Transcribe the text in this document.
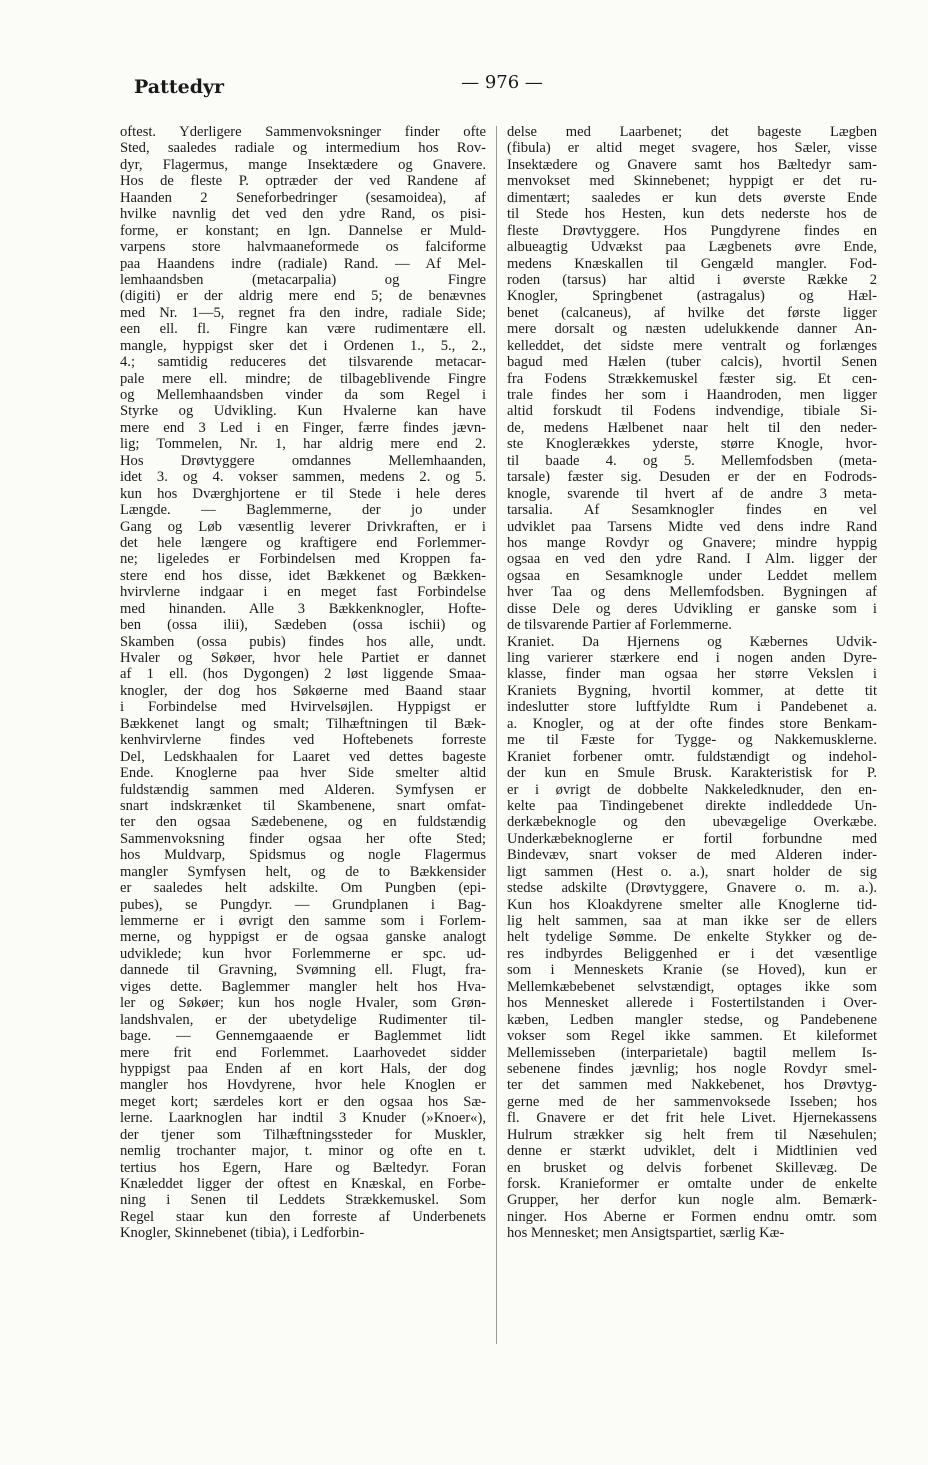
Pattedyr	— 976 —
oftest. Yderligere Sammenvoksninger finder ofte
Sted, saaledes radiale og intermedium hos Rov-
dyr, Flagermus, mange Insektædere og Gnavere.
Hos de fleste P. optræder der ved Randene af
Haanden 2 Seneforbedringer (sesamoidea), af
hvilke navnlig det ved den ydre Rand, os pisi-
forme, er konstant; en lgn. Dannelse er Muld-
varpens store halvmaaneformede os falciforme
paa Haandens indre (radiale) Rand. — Af Mel-
lemhaandsben (metacarpalia) og Fingre
(digiti) er der aldrig mere end 5; de benævnes
med Nr. 1—5, regnet fra den indre, radiale Side;
een ell. fl. Fingre kan være rudimentære ell.
mangle, hyppigst sker det i Ordenen 1., 5., 2.,
4.; samtidig reduceres det tilsvarende metacar-
pale mere ell. mindre; de tilbageblivende Fingre
og Mellemhaandsben vinder da som Regel i
Styrke og Udvikling. Kun Hvalerne kan have
mere end 3 Led i en Finger, færre findes jævn-
lig; Tommelen, Nr. 1, har aldrig mere end 2.
Hos Drøvtyggere omdannes Mellemhaanden,
idet 3. og 4. vokser sammen, medens 2. og 5.
kun hos Dværghjortene er til Stede i hele deres
Længde. — Baglemmerne, der jo under
Gang og Løb væsentlig leverer Drivkraften, er i
det hele længere og kraftigere end Forlemmer-
ne; ligeledes er Forbindelsen med Kroppen fa-
stere end hos disse, idet Bækkenet og Bækken-
hvirvlerne indgaar i en meget fast Forbindelse
med hinanden. Alle 3 Bækkenknogler, Hofte-
ben (ossa ilii), Sædeben (ossa ischii) og
Skamben (ossa pubis) findes hos alle, undt.
Hvaler og Søkøer, hvor hele Partiet er dannet
af 1 ell. (hos Dygongen) 2 løst liggende Smaa-
knogler, der dog hos Søkøerne med Baand staar
i Forbindelse med Hvirvelsøjlen. Hyppigst er
Bækkenet langt og smalt; Tilhæftningen til Bæk-
kenhvirvlerne findes ved Hoftebenets forreste
Del, Ledskhaalen for Laaret ved dettes bageste
Ende. Knoglerne paa hver Side smelter altid
fuldstændig sammen med Alderen. Symfysen er
snart indskrænket til Skambenene, snart omfat-
ter den ogsaa Sædebenene, og en fuldstændig
Sammenvoksning finder ogsaa her ofte Sted;
hos Muldvarp, Spidsmus og nogle Flagermus
mangler Symfysen helt, og de to Bækkensider
er saaledes helt adskilte. Om Pungben (epi-
pubes), se Pungdyr. — Grundplanen i Bag-
lemmerne er i øvrigt den samme som i Forlem-
merne, og hyppigst er de ogsaa ganske analogt
udviklede; kun hvor Forlemmerne er spc. ud-
dannede til Gravning, Svømning ell. Flugt, fra-
viges dette. Baglemmer mangler helt hos Hva-
ler og Søkøer; kun hos nogle Hvaler, som Grøn-
landshvalen, er der ubetydelige Rudimenter til-
bage. — Gennemgaaende er Baglemmet lidt
mere frit end Forlemmet. Laarhovedet sidder
hyppigst paa Enden af en kort Hals, der dog
mangler hos Hovdyrene, hvor hele Knoglen er
meget kort; særdeles kort er den ogsaa hos Sæ-
lerne. Laarknoglen har indtil 3 Knuder (»Knoer«),
der tjener som Tilhæftningssteder for Muskler,
nemlig trochanter major, t. minor og ofte en t.
tertius hos Egern, Hare og Bæltedyr. Foran
Knæleddet ligger der oftest en Knæskal, en Forbe-
ning i Senen til Leddets Strækkemuskel. Som
Regel staar kun den forreste af Underbenets
Knogler, Skinnebenet (tibia), i Ledforbin-
delse med Laarbenet; det bageste Lægben
(fibula) er altid meget svagere, hos Sæler, visse
Insektædere og Gnavere samt hos Bæltedyr sam-
menvokset med Skinnebenet; hyppigt er det ru-
dimentært; saaledes er kun dets øverste Ende
til Stede hos Hesten, kun dets nederste hos de
fleste Drøvtyggere. Hos Pungdyrene findes en
albueagtig Udvækst paa Lægbenets øvre Ende,
medens Knæskallen til Gengæld mangler. Fod-
roden (tarsus) har altid i øverste Række 2
Knogler, Springbenet (astragalus) og Hæl-
benet (calcaneus), af hvilke det første ligger
mere dorsalt og næsten udelukkende danner An-
kelleddet, det sidste mere ventralt og forlænges
bagud med Hælen (tuber calcis), hvortil Senen
fra Fodens Strækkemuskel fæster sig. Et cen-
trale findes her som i Haandroden, men ligger
altid forskudt til Fodens indvendige, tibiale Si-
de, medens Hælbenet naar helt til den neder-
ste Knoglerækkes yderste, større Knogle, hvor-
til baade 4. og 5. Mellemfodsben (meta-
tarsale) fæster sig. Desuden er der en Fodrods-
knogle, svarende til hvert af de andre 3 meta-
tarsalia. Af Sesamknogler findes en vel
udviklet paa Tarsens Midte ved dens indre Rand
hos mange Rovdyr og Gnavere; mindre hyppig
ogsaa en ved den ydre Rand. I Alm. ligger der
ogsaa en Sesamknogle under Leddet mellem
hver Taa og dens Mellemfodsben. Bygningen af
disse Dele og deres Udvikling er ganske som i
de tilsvarende Partier af Forlemmerne.
Kraniet. Da Hjernens og Kæbernes Udvik-
ling varierer stærkere end i nogen anden Dyre-
klasse, finder man ogsaa her større Vekslen i
Kraniets Bygning, hvortil kommer, at dette tit
indeslutter store luftfyldte Rum i Pandebenet a.
a. Knogler, og at der ofte findes store Benkam-
me til Fæste for Tygge- og Nakkemusklerne.
Kraniet forbener omtr. fuldstændigt og indehol-
der kun en Smule Brusk. Karakteristisk for P.
er i øvrigt de dobbelte Nakkeledknuder, den en-
kelte paa Tindingebenet direkte indleddede Un-
derkæbeknogle og den ubevægelige Overkæbe.
Underkæbeknoglerne er fortil forbundne med
Bindevæv, snart vokser de med Alderen inder-
ligt sammen (Hest o. a.), snart holder de sig
stedse adskilte (Drøvtyggere, Gnavere o. m. a.).
Kun hos Kloakdyrene smelter alle Knoglerne tid-
lig helt sammen, saa at man ikke ser de ellers
helt tydelige Sømme. De enkelte Stykker og de-
res indbyrdes Beliggenhed er i det væsentlige
som i Menneskets Kranie (se Hoved), kun er
Mellemkæbebenet selvstændigt, optages ikke som
hos Mennesket allerede i Fostertilstanden i Over-
kæben, Ledben mangler stedse, og Pandebenene
vokser som Regel ikke sammen. Et kileformet
Mellemisseben (interparietale) bagtil mellem Is-
sebenene findes jævnlig; hos nogle Rovdyr smel-
ter det sammen med Nakkebenet, hos Drøvtyg-
gerne med de her sammenvoksede Isseben; hos
fl. Gnavere er det frit hele Livet. Hjernekassens
Hulrum strækker sig helt frem til Næsehulen;
denne er stærkt udviklet, delt i Midtlinien ved
en brusket og delvis forbenet Skillevæg. De
forsk. Kranieformer er omtalte under de enkelte
Grupper, her derfor kun nogle alm. Bemærk-
ninger. Hos Aberne er Formen endnu omtr. som
hos Mennesket; men Ansigtspartiet, særlig Kæ-
